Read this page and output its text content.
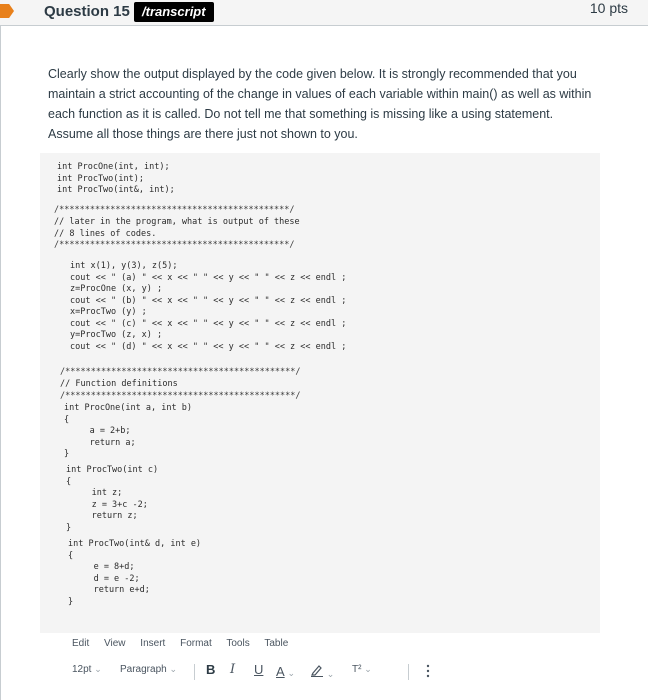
Question 15 /transcript	10 pts
Clearly show the output displayed by the code given below. It is strongly recommended that you maintain a strict accounting of the change in values of each variable within main() as well as within each function as it is called. Do not tell me that something is missing like a using statement. Assume all those things are there just not shown to you.
int ProcOne(int, int);
int ProcTwo(int);
int ProcTwo(int&, int);
/*********************************************/
// later in the program, what is output of these
// 8 lines of codes.
/*********************************************/
int x(1), y(3), z(5);
cout << " (a) " << x << " " << y << " " << z << endl ;
z=ProcOne (x, y) ;
cout << " (b) " << x << " " << y << " " << z << endl ;
x=ProcTwo (y) ;
cout << " (c) " << x << " " << y << " " << z << endl ;
y=ProcTwo (z, x) ;
cout << " (d) " << x << " " << y << " " << z << endl ;
/*********************************************/
// Function definitions
/*********************************************/
int ProcOne(int a, int b)
{
a = 2+b;
return a;
}
int ProcTwo(int c)
{
int z;
z = 3+c -2;
return z;
}
int ProcTwo(int& d, int e)
{
e = 8+d;
d = e -2;
return e+d;
}
Edit View Insert Format Tools Table
12pt ⌄ Paragraph ⌄ B I U A ⌄	⌄ T² ⌄
